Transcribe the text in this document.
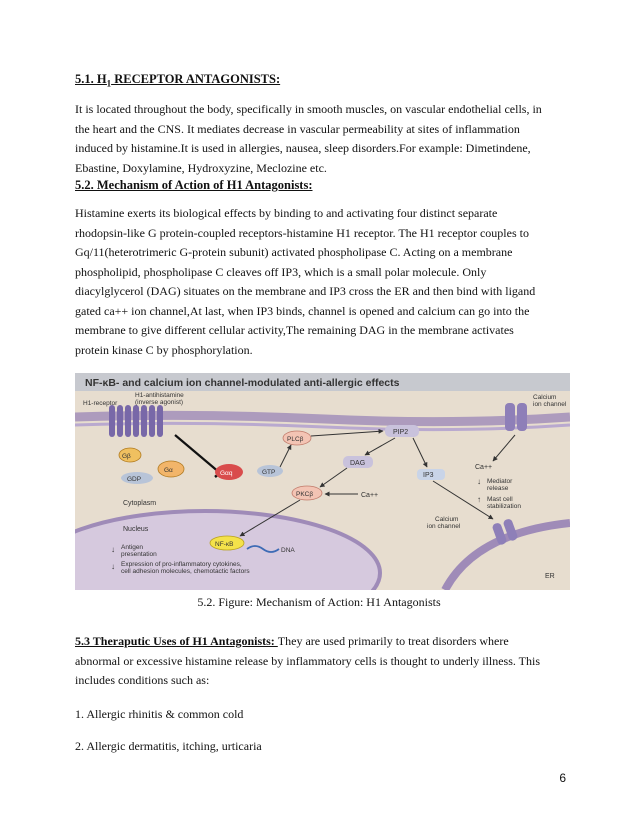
5.1. $H_1$ RECEPTOR ANTAGONISTS:

It is located throughout the body, specifically in smooth muscles, on vascular endothelial cells, in
the heart and the CNS. It mediates decrease in vascular permeability at sites of inflammation
induced by histamine.It is used in allergies, nausea, sleep disorders.For example: Dimetindene,
Ebastine, Doxylamine, Hydroxyzine, Meclozine etc.

5.2. Mechanism of Action of H1 Antagonists:

Histamine exerts its biological effects by binding to and activating four distinct separate
rhodopsin-like G protein-coupled receptors-histamine H1 receptor. The H1 receptor couples to
Gq/11(heterotrimeric G-protein subunit) activated phospholipase C. Acting on a membrane
phospholipid, phospholipase C cleaves off IP3, which is a small polar molecule. Only
diacylglycerol (DAG) situates on the membrane and IP3 cross the ER and then bind with ligand
gated ca++ ion channel,At last, when IP3 binds, channel is opened and calcium can go into the
membrane to give different cellular activity,The remaining DAG in the membrane activates
protein kinase C by phosphorylation.

NF-κB- and calcium ion channel-modulated anti-allergic effects
H1-receptor
H1-antihistamine
(inverse agonist)
Gβ
Gα
GDP
Gαq	GTP
PLCβ
PIP2
DAG
IP3
Calcium
ion channel
Ca++
↓ Mediator
release
↑ Mast cell
stabilization
PKCβ	Ca++
Cytoplasm
Nucleus
NF-κB
DNA
↓ Antigen
presentation
↓ Expression of pro-inflammatory cytokines,
cell adhesion molecules, chemotactic factors
Calcium
ion channel
ER
5.2. Figure: Mechanism of Action: H1 Antagonists

5.3 Theraputic Uses of H1 Antagonists: They are used primarily to treat disorders where
abnormal or excessive histamine release by inflammatory cells is thought to underly illness. This
includes conditions such as:

1. Allergic rhinitis & common cold

2. Allergic dermatitis, itching, urticaria

6
